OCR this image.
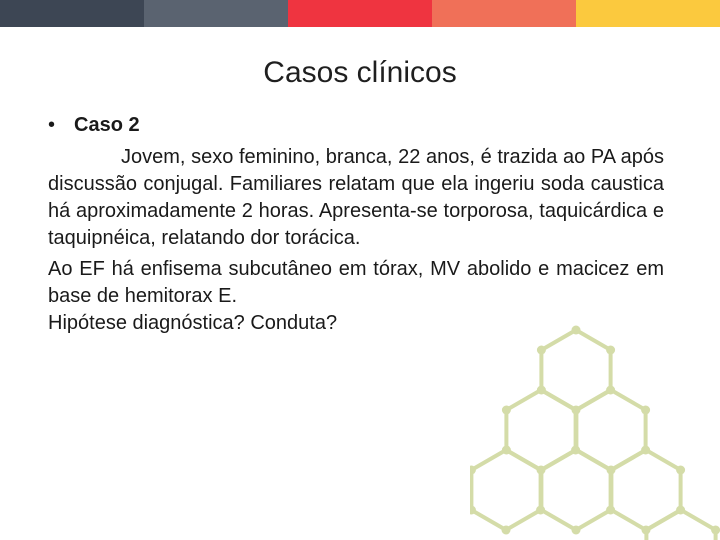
Casos clínicos
• Caso 2

Jovem, sexo feminino, branca, 22 anos, é trazida ao PA após discussão conjugal. Familiares relatam que ela ingeriu soda caustica há aproximadamente 2 horas. Apresenta-se torporosa, taquicárdica e taquipnéica, relatando dor torácica.

Ao EF há enfisema subcutâneo em tórax, MV abolido e macicez em base de hemitorax E.

Hipótese diagnóstica? Conduta?
